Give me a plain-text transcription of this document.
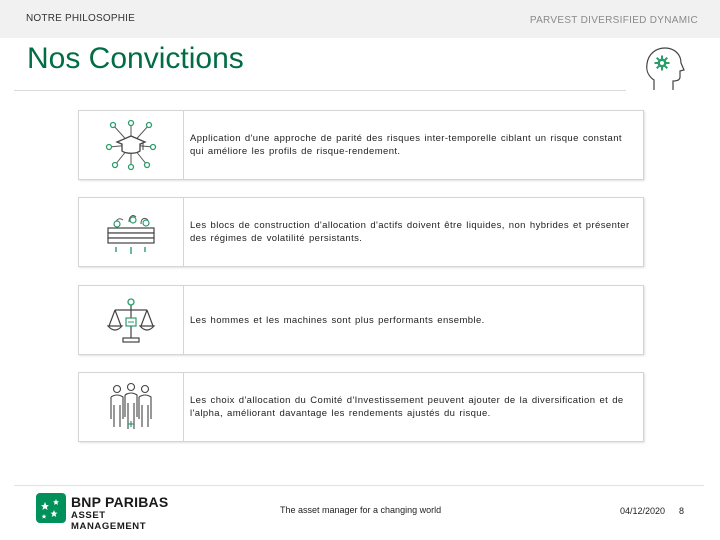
NOTRE PHILOSOPHIE	PARVEST DIVERSIFIED DYNAMIC
Nos Convictions
Application d'une approche de parité des risques inter-temporelle ciblant un risque constant qui améliore les profils de risque-rendement.
Les blocs de construction d'allocation d'actifs doivent être liquides, non hybrides et présenter des régimes de volatilité persistants.
Les hommes et les machines sont plus performants ensemble.
Les choix d'allocation du Comité d'Investissement peuvent ajouter de la diversification et de l'alpha, améliorant davantage les rendements ajustés du risque.
BNP PARIBAS
ASSET MANAGEMENT
The asset manager for a changing world	04/12/2020 8
